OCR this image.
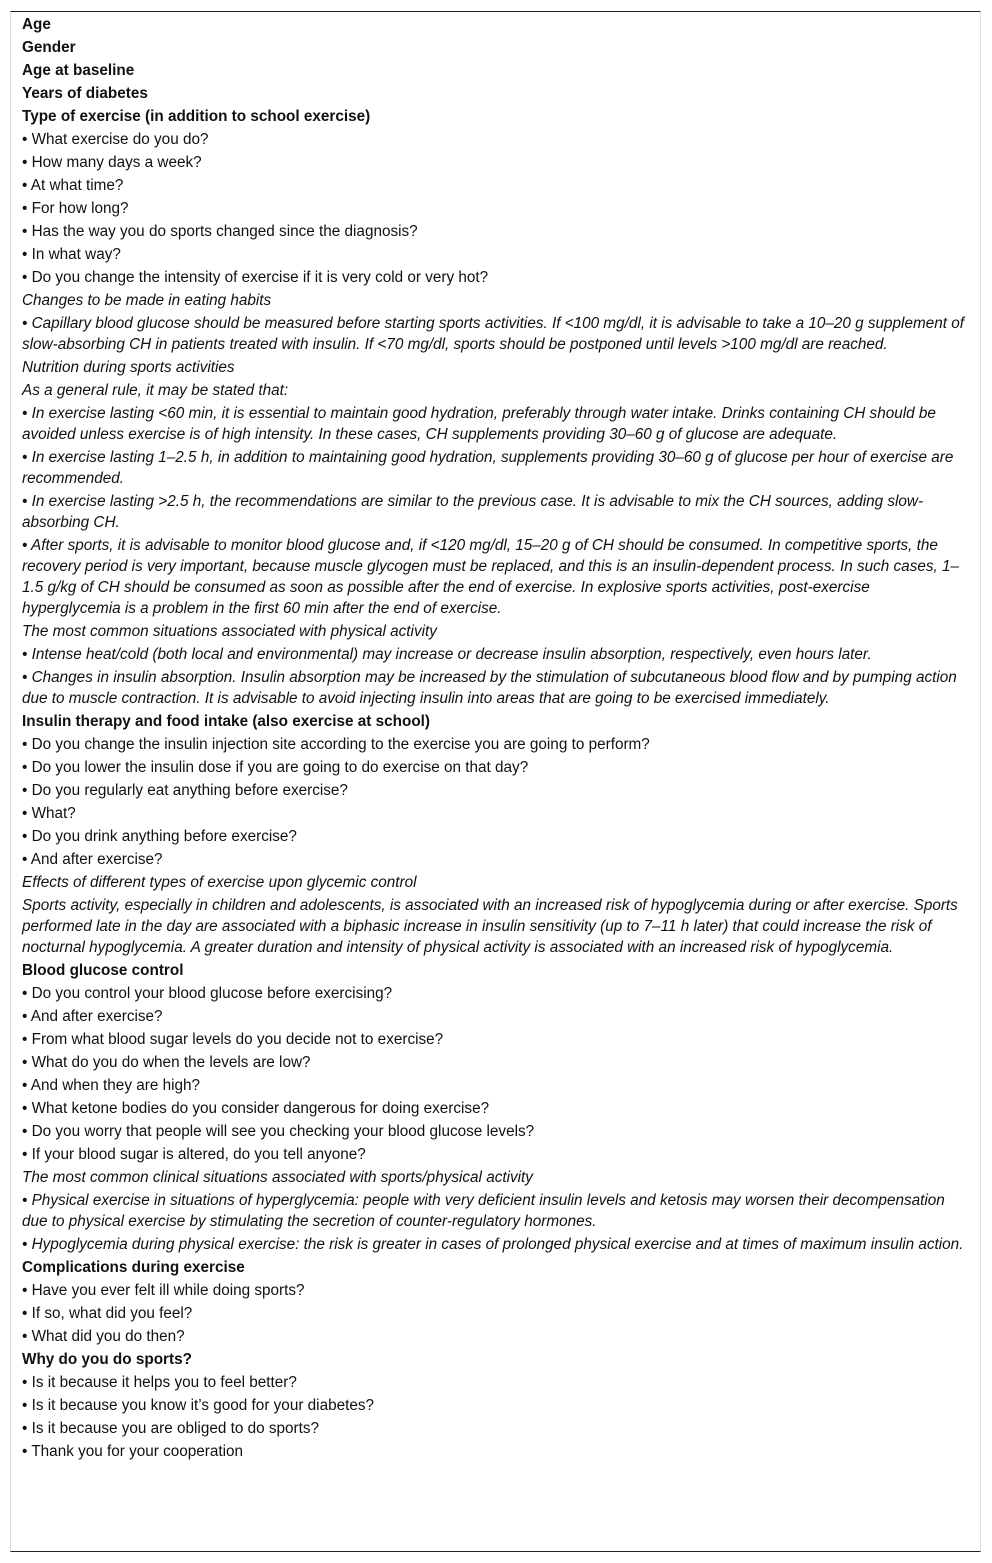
Age
Gender
Age at baseline
Years of diabetes
Type of exercise (in addition to school exercise)
• What exercise do you do?
• How many days a week?
• At what time?
• For how long?
• Has the way you do sports changed since the diagnosis?
• In what way?
• Do you change the intensity of exercise if it is very cold or very hot?
Changes to be made in eating habits
• Capillary blood glucose should be measured before starting sports activities. If <100 mg/dl, it is advisable to take a 10–20 g supplement of slow-absorbing CH in patients treated with insulin. If <70 mg/dl, sports should be postponed until levels >100 mg/dl are reached.
Nutrition during sports activities
As a general rule, it may be stated that:
• In exercise lasting <60 min, it is essential to maintain good hydration, preferably through water intake. Drinks containing CH should be avoided unless exercise is of high intensity. In these cases, CH supplements providing 30–60 g of glucose are adequate.
• In exercise lasting 1–2.5 h, in addition to maintaining good hydration, supplements providing 30–60 g of glucose per hour of exercise are recommended.
• In exercise lasting >2.5 h, the recommendations are similar to the previous case. It is advisable to mix the CH sources, adding slow-absorbing CH.
• After sports, it is advisable to monitor blood glucose and, if <120 mg/dl, 15–20 g of CH should be consumed. In competitive sports, the recovery period is very important, because muscle glycogen must be replaced, and this is an insulin-dependent process. In such cases, 1–1.5 g/kg of CH should be consumed as soon as possible after the end of exercise. In explosive sports activities, post-exercise hyperglycemia is a problem in the first 60 min after the end of exercise.
The most common situations associated with physical activity
• Intense heat/cold (both local and environmental) may increase or decrease insulin absorption, respectively, even hours later.
• Changes in insulin absorption. Insulin absorption may be increased by the stimulation of subcutaneous blood flow and by pumping action due to muscle contraction. It is advisable to avoid injecting insulin into areas that are going to be exercised immediately.
Insulin therapy and food intake (also exercise at school)
• Do you change the insulin injection site according to the exercise you are going to perform?
• Do you lower the insulin dose if you are going to do exercise on that day?
• Do you regularly eat anything before exercise?
• What?
• Do you drink anything before exercise?
• And after exercise?
Effects of different types of exercise upon glycemic control
Sports activity, especially in children and adolescents, is associated with an increased risk of hypoglycemia during or after exercise. Sports performed late in the day are associated with a biphasic increase in insulin sensitivity (up to 7–11 h later) that could increase the risk of nocturnal hypoglycemia. A greater duration and intensity of physical activity is associated with an increased risk of hypoglycemia.
Blood glucose control
• Do you control your blood glucose before exercising?
• And after exercise?
• From what blood sugar levels do you decide not to exercise?
• What do you do when the levels are low?
• And when they are high?
• What ketone bodies do you consider dangerous for doing exercise?
• Do you worry that people will see you checking your blood glucose levels?
• If your blood sugar is altered, do you tell anyone?
The most common clinical situations associated with sports/physical activity
• Physical exercise in situations of hyperglycemia: people with very deficient insulin levels and ketosis may worsen their decompensation due to physical exercise by stimulating the secretion of counter-regulatory hormones.
• Hypoglycemia during physical exercise: the risk is greater in cases of prolonged physical exercise and at times of maximum insulin action.
Complications during exercise
• Have you ever felt ill while doing sports?
• If so, what did you feel?
• What did you do then?
Why do you do sports?
• Is it because it helps you to feel better?
• Is it because you know it’s good for your diabetes?
• Is it because you are obliged to do sports?
• Thank you for your cooperation
